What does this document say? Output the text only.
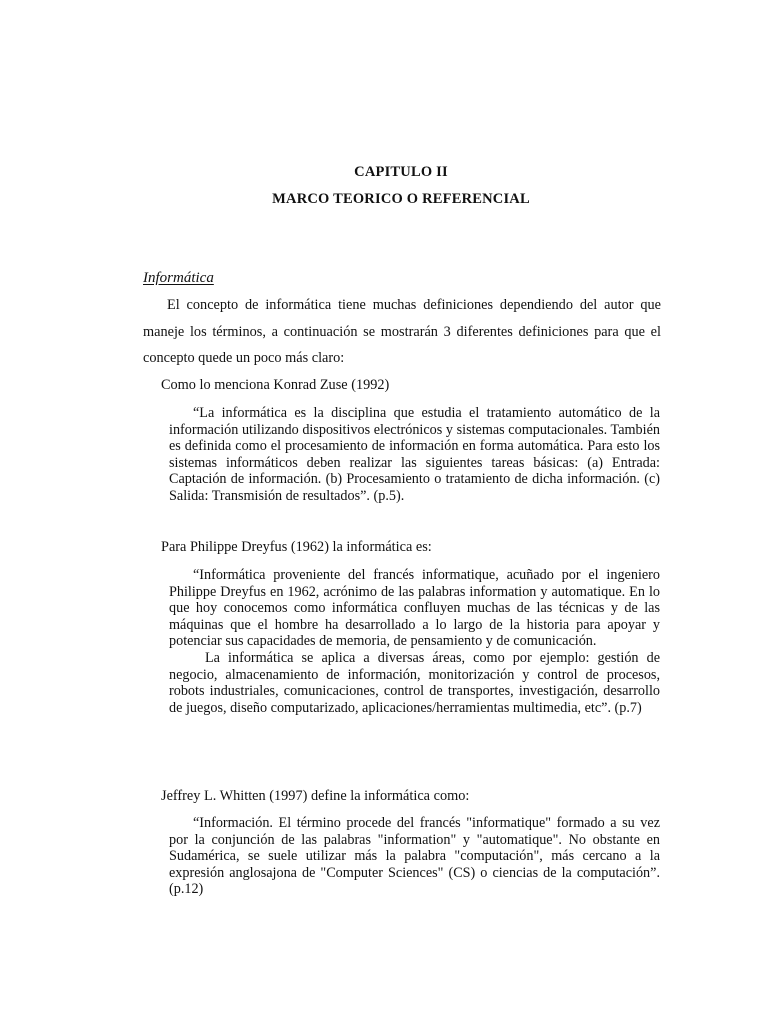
CAPITULO II
MARCO TEORICO O REFERENCIAL
Informática
El concepto de informática tiene muchas definiciones dependiendo del autor que maneje los términos, a continuación se mostrarán 3 diferentes definiciones para que el concepto quede un poco más claro:
Como lo menciona Konrad Zuse (1992)

“La informática es la disciplina que estudia el tratamiento automático de la información utilizando dispositivos electrónicos y sistemas computacionales. También es definida como el procesamiento de información en forma automática. Para esto los sistemas informáticos deben realizar las siguientes tareas básicas: (a) Entrada: Captación de información. (b) Procesamiento o tratamiento de dicha información. (c) Salida: Transmisión de resultados”. (p.5).

Para Philippe Dreyfus (1962) la informática es:

“Informática proveniente del francés informatique, acuñado por el ingeniero Philippe Dreyfus en 1962, acrónimo de las palabras information y automatique. En lo que hoy conocemos como informática confluyen muchas de las técnicas y de las máquinas que el hombre ha desarrollado a lo largo de la historia para apoyar y potenciar sus capacidades de memoria, de pensamiento y de comunicación.

La informática se aplica a diversas áreas, como por ejemplo: gestión de negocio, almacenamiento de información, monitorización y control de procesos, robots industriales, comunicaciones, control de transportes, investigación, desarrollo de juegos, diseño computarizado, aplicaciones/herramientas multimedia, etc”. (p.7)

Jeffrey L. Whitten (1997) define la informática como:

“Información. El término procede del francés "informatique" formado a su vez por la conjunción de las palabras "information" y "automatique". No obstante en Sudamérica, se suele utilizar más la palabra "computación", más cercano a la expresión anglosajona de "Computer Sciences" (CS) o ciencias de la computación”. (p.12)
